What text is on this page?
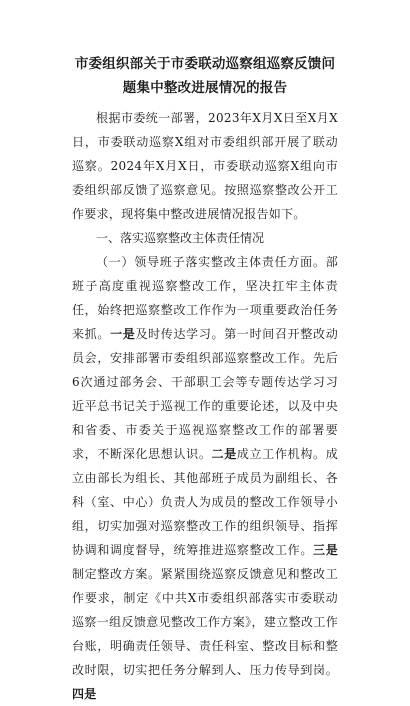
市委组织部关于市委联动巡察组巡察反馈问题集中整改进展情况的报告

根据市委统一部署，2023年X月X日至X月X日，市委联动巡察X组对市委组织部开展了联动巡察。2024年X月X日，市委联动巡察X组向市委组织部反馈了巡察意见。按照巡察整改公开工作要求，现将集中整改进展情况报告如下。

一、落实巡察整改主体责任情况

（一）领导班子落实整改主体责任方面。部班子高度重视巡察整改工作，坚决扛牢主体责任，始终把巡察整改工作作为一项重要政治任务来抓。一是及时传达学习。第一时间召开整改动员会，安排部署市委组织部巡察整改工作。先后6次通过部务会、干部职工会等专题传达学习习近平总书记关于巡视工作的重要论述，以及中央和省委、市委关于巡视巡察整改工作的部署要求，不断深化思想认识。二是成立工作机构。成立由部长为组长、其他部班子成员为副组长、各科（室、中心）负责人为成员的整改工作领导小组，切实加强对巡察整改工作的组织领导、指挥协调和调度督导，统筹推进巡察整改工作。三是制定整改方案。紧紧围绕巡察反馈意见和整改工作要求，制定《中共X市委组织部落实市委联动巡察一组反馈意见整改工作方案》，建立整改工作台账，明确责任领导、责任科室、整改目标和整改时限，切实把任务分解到人、压力传导到岗。四是
